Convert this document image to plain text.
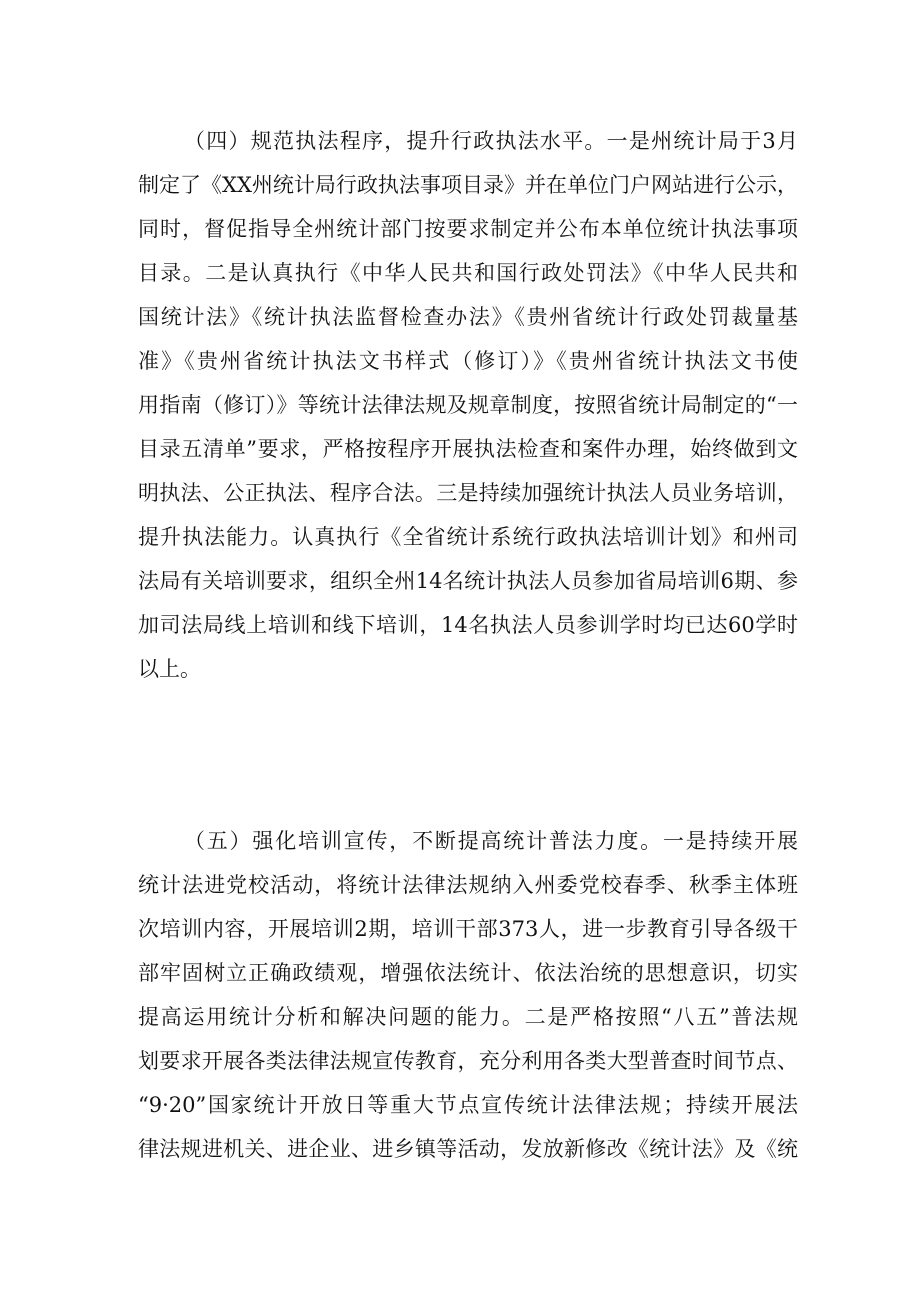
（四）规范执法程序，提升行政执法水平。一是州统计局于3月
制定了《XX州统计局行政执法事项目录》并在单位门户网站进行公示，
同时，督促指导全州统计部门按要求制定并公布本单位统计执法事项
目录。二是认真执行《中华人民共和国行政处罚法》《中华人民共和
国统计法》《统计执法监督检查办法》《贵州省统计行政处罚裁量基
准》《贵州省统计执法文书样式（修订）》《贵州省统计执法文书使
用指南（修订）》等统计法律法规及规章制度，按照省统计局制定的“一
目录五清单”要求，严格按程序开展执法检查和案件办理，始终做到文
明执法、公正执法、程序合法。三是持续加强统计执法人员业务培训，
提升执法能力。认真执行《全省统计系统行政执法培训计划》和州司
法局有关培训要求，组织全州14名统计执法人员参加省局培训6期、参
加司法局线上培训和线下培训，14名执法人员参训学时均已达60学时
以上。
（五）强化培训宣传，不断提高统计普法力度。一是持续开展
统计法进党校活动，将统计法律法规纳入州委党校春季、秋季主体班
次培训内容，开展培训2期，培训干部373人，进一步教育引导各级干
部牢固树立正确政绩观，增强依法统计、依法治统的思想意识，切实
提高运用统计分析和解决问题的能力。二是严格按照“八五”普法规
划要求开展各类法律法规宣传教育，充分利用各类大型普查时间节点、
“9·20”国家统计开放日等重大节点宣传统计法律法规；持续开展法
律法规进机关、进企业、进乡镇等活动，发放新修改《统计法》及《统
